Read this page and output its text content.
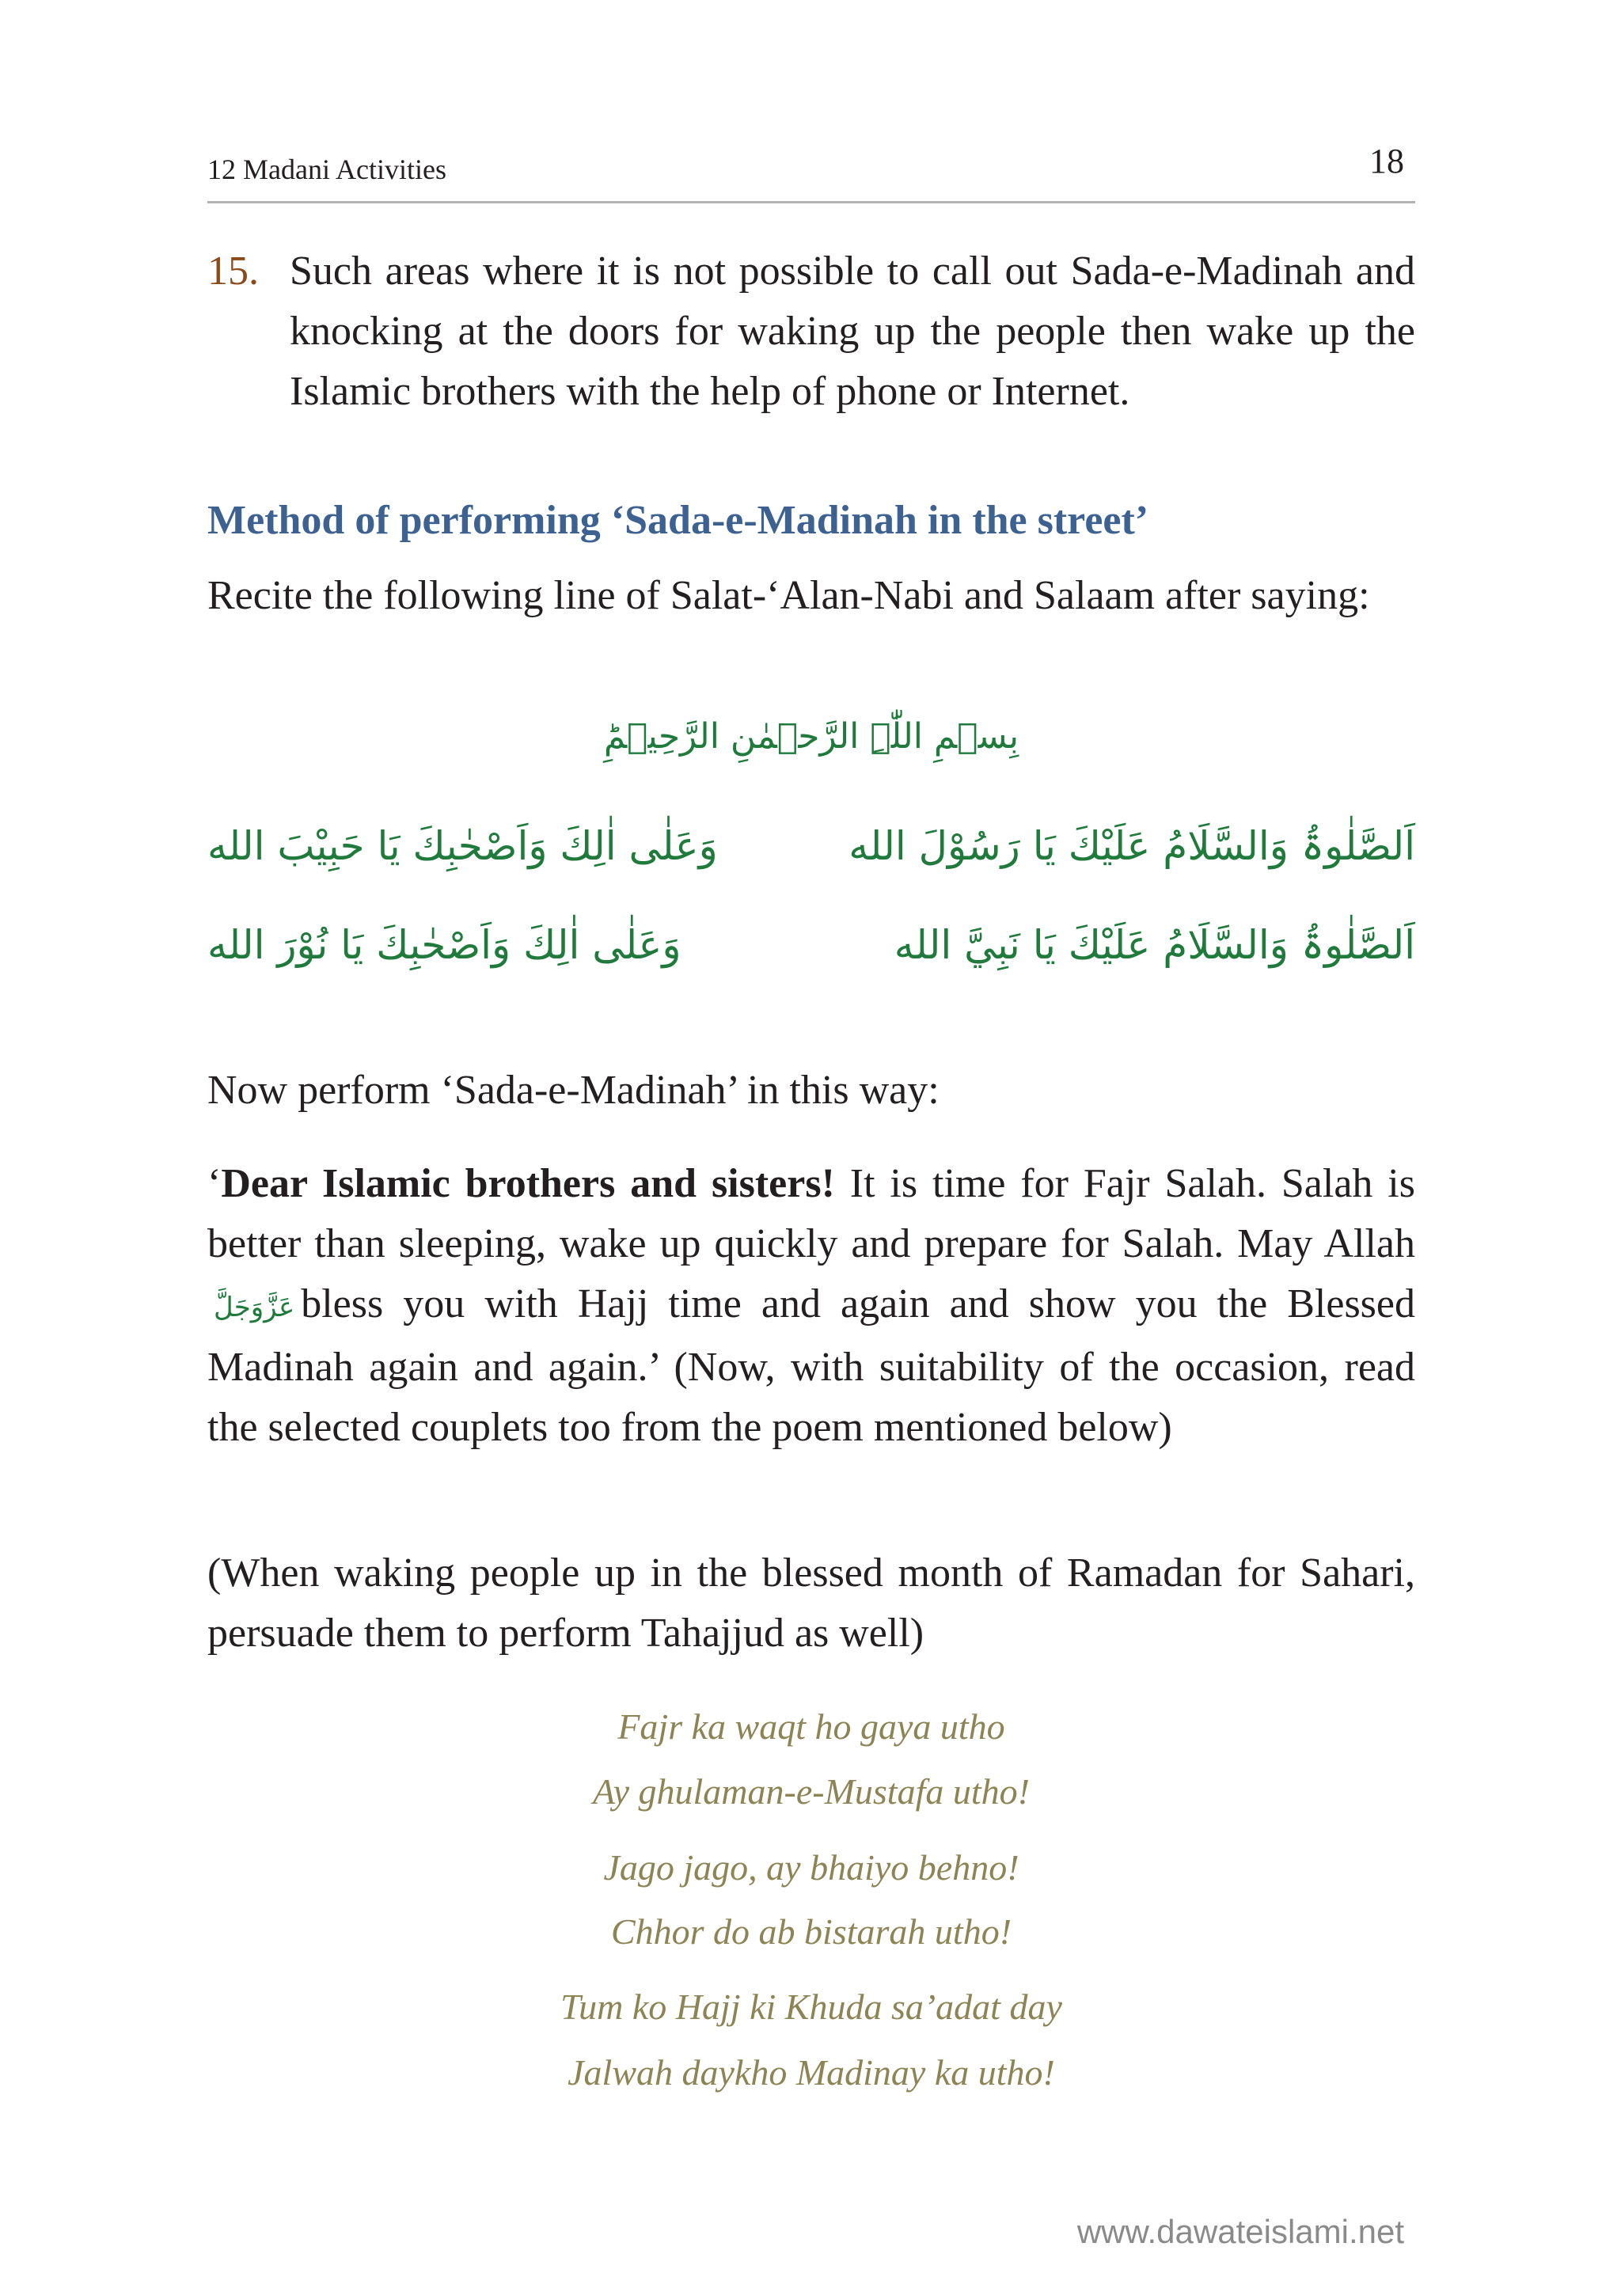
12 Madani Activities	18
15. Such areas where it is not possible to call out Sada-e-Madinah and knocking at the doors for waking up the people then wake up the Islamic brothers with the help of phone or Internet.
Method of performing ‘Sada-e-Madinah in the street’
Recite the following line of Salat-‘Alan-Nabi and Salaam after saying:
بِسۡمِ اللّٰہِ الرَّحۡمٰنِ الرَّحِیۡمِؕ
اَلصَّلٰوۃُ وَالسَّلَامُ عَلَيْكَ يَا رَسُوْلَ الله
وَعَلٰى اٰلِكَ وَاَصْحٰبِكَ يَا حَبِيْبَ الله
اَلصَّلٰوۃُ وَالسَّلَامُ عَلَيْكَ يَا نَبِيَّ الله
وَعَلٰى اٰلِكَ وَاَصْحٰبِكَ يَا نُوْرَ الله
Now perform ‘Sada-e-Madinah’ in this way:
‘Dear Islamic brothers and sisters! It is time for Fajr Salah. Salah is better than sleeping, wake up quickly and prepare for Salah. May Allahعَزَّوَجَلَّ bless you with Hajj time and again and show you the Blessed Madinah again and again.’ (Now, with suitability of the occasion, read the selected couplets too from the poem mentioned below)
(When waking people up in the blessed month of Ramadan for Sahari, persuade them to perform Tahajjud as well)
Fajr ka waqt ho gaya utho
Ay ghulaman-e-Mustafa utho!
Jago jago, ay bhaiyo behno!
Chhor do ab bistarah utho!
Tum ko Hajj ki Khuda sa’adat day
Jalwah daykho Madinay ka utho!
www.dawateislami.net
